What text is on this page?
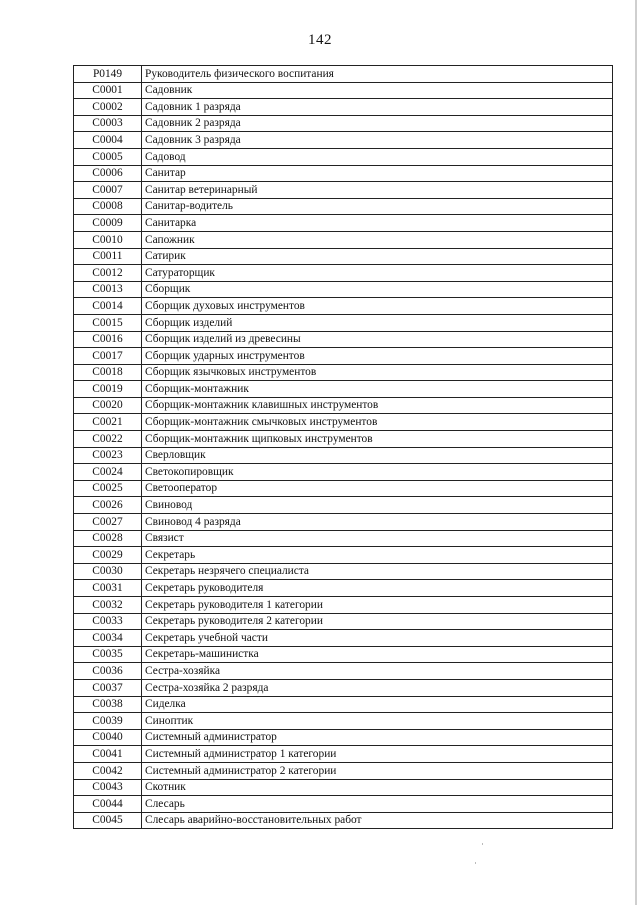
142
P0149	Руководитель физического воспитания
C0001	Садовник
C0002	Садовник 1 разряда
C0003	Садовник 2 разряда
C0004	Садовник 3 разряда
C0005	Садовод
C0006	Санитар
C0007	Санитар ветеринарный
C0008	Санитар-водитель
C0009	Санитарка
C0010	Сапожник
C0011	Сатирик
C0012	Сатураторщик
C0013	Сборщик
C0014	Сборщик духовых инструментов
C0015	Сборщик изделий
C0016	Сборщик изделий из древесины
C0017	Сборщик ударных инструментов
C0018	Сборщик язычковых инструментов
C0019	Сборщик-монтажник
C0020	Сборщик-монтажник клавишных инструментов
C0021	Сборщик-монтажник смычковых инструментов
C0022	Сборщик-монтажник щипковых инструментов
C0023	Сверловщик
C0024	Светокопировщик
C0025	Светооператор
C0026	Свиновод
C0027	Свиновод 4 разряда
C0028	Связист
C0029	Секретарь
C0030	Секретарь незрячего специалиста
C0031	Секретарь руководителя
C0032	Секретарь руководителя 1 категории
C0033	Секретарь руководителя 2 категории
C0034	Секретарь учебной части
C0035	Секретарь-машинистка
C0036	Сестра-хозяйка
C0037	Сестра-хозяйка 2 разряда
C0038	Сиделка
C0039	Синоптик
C0040	Системный администратор
C0041	Системный администратор 1 категории
C0042	Системный администратор 2 категории
C0043	Скотник
C0044	Слесарь
C0045	Слесарь аварийно-восстановительных работ
